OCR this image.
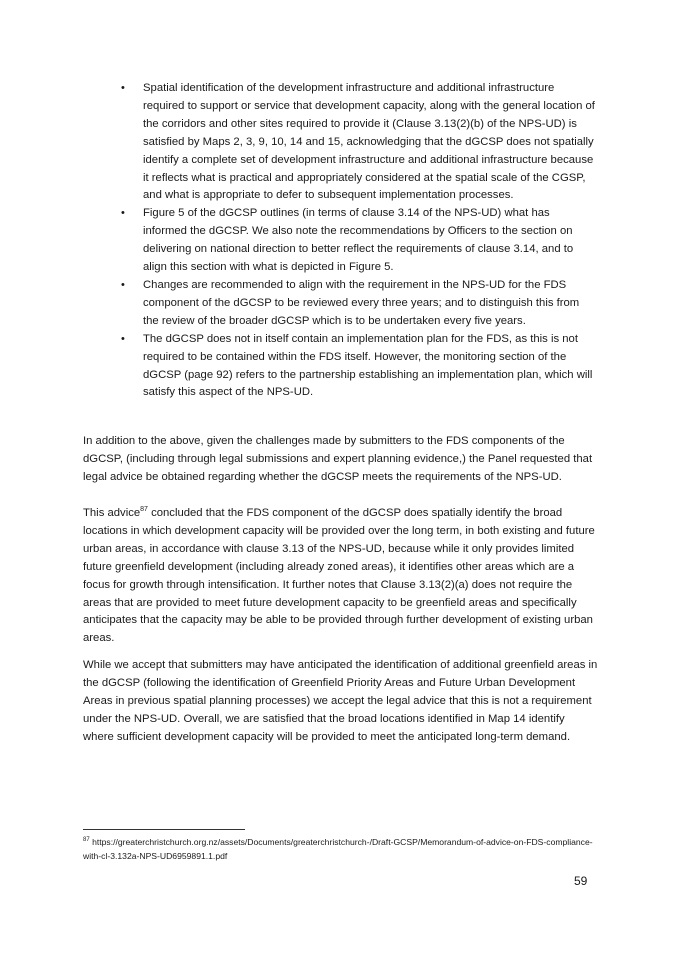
• Spatial identification of the development infrastructure and additional infrastructure required to support or service that development capacity, along with the general location of the corridors and other sites required to provide it (Clause 3.13(2)(b) of the NPS-UD) is satisfied by Maps 2, 3, 9, 10, 14 and 15, acknowledging that the dGCSP does not spatially identify a complete set of development infrastructure and additional infrastructure because it reflects what is practical and appropriately considered at the spatial scale of the CGSP, and what is appropriate to defer to subsequent implementation processes.
• Figure 5 of the dGCSP outlines (in terms of clause 3.14 of the NPS-UD) what has informed the dGCSP. We also note the recommendations by Officers to the section on delivering on national direction to better reflect the requirements of clause 3.14, and to align this section with what is depicted in Figure 5.
• Changes are recommended to align with the requirement in the NPS-UD for the FDS component of the dGCSP to be reviewed every three years; and to distinguish this from the review of the broader dGCSP which is to be undertaken every five years.
• The dGCSP does not in itself contain an implementation plan for the FDS, as this is not required to be contained within the FDS itself. However, the monitoring section of the dGCSP (page 92) refers to the partnership establishing an implementation plan, which will satisfy this aspect of the NPS-UD.

In addition to the above, given the challenges made by submitters to the FDS components of the dGCSP, (including through legal submissions and expert planning evidence,) the Panel requested that legal advice be obtained regarding whether the dGCSP meets the requirements of the NPS-UD.

This advice$^{87}$ concluded that the FDS component of the dGCSP does spatially identify the broad locations in which development capacity will be provided over the long term, in both existing and future urban areas, in accordance with clause 3.13 of the NPS-UD, because while it only provides limited future greenfield development (including already zoned areas), it identifies other areas which are a focus for growth through intensification. It further notes that Clause 3.13(2)(a) does not require the areas that are provided to meet future development capacity to be greenfield areas and specifically anticipates that the capacity may be able to be provided through further development of existing urban areas.

While we accept that submitters may have anticipated the identification of additional greenfield areas in the dGCSP (following the identification of Greenfield Priority Areas and Future Urban Development Areas in previous spatial planning processes) we accept the legal advice that this is not a requirement under the NPS-UD. Overall, we are satisfied that the broad locations identified in Map 14 identify where sufficient development capacity will be provided to meet the anticipated long-term demand.

$^{87}$ https://greaterchristchurch.org.nz/assets/Documents/greaterchristchurch-/Draft-GCSP/Memorandum-of-advice-on-FDS-compliance-with-cl-3.132a-NPS-UD6959891.1.pdf

59
